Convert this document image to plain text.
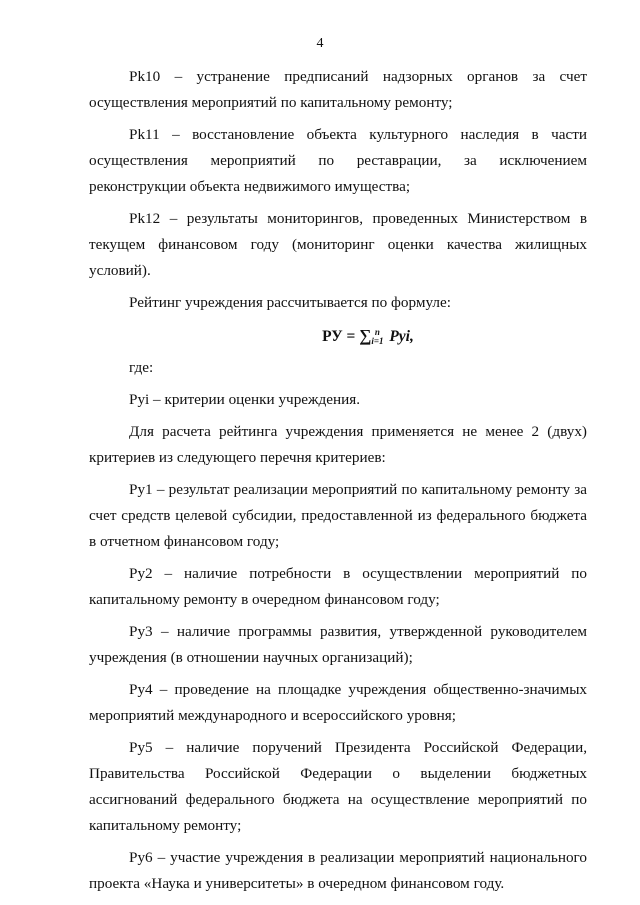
4

Pk10 – устранение предписаний надзорных органов за счет осуществления мероприятий по капитальному ремонту;

Pk11 – восстановление объекта культурного наследия в части осуществления мероприятий по реставрации, за исключением реконструкции объекта недвижимого имущества;

Pk12 – результаты мониторингов, проведенных Министерством в текущем финансовом году (мониторинг оценки качества жилищных условий).

Рейтинг учреждения рассчитывается по формуле:

РУ = ∑ n
i=1 Pyi,

где:

Pyi – критерии оценки учреждения.

Для расчета рейтинга учреждения применяется не менее 2 (двух) критериев из следующего перечня критериев:

Py1 – результат реализации мероприятий по капитальному ремонту за счет средств целевой субсидии, предоставленной из федерального бюджета в отчетном финансовом году;

Py2 – наличие потребности в осуществлении мероприятий по капитальному ремонту в очередном финансовом году;

Py3 – наличие программы развития, утвержденной руководителем учреждения (в отношении научных организаций);

Py4 – проведение на площадке учреждения общественно-значимых мероприятий международного и всероссийского уровня;

Py5 – наличие поручений Президента Российской Федерации, Правительства Российской Федерации о выделении бюджетных ассигнований федерального бюджета на осуществление мероприятий по капитальному ремонту;

Py6 – участие учреждения в реализации мероприятий национального проекта «Наука и университеты» в очередном финансовом году.
